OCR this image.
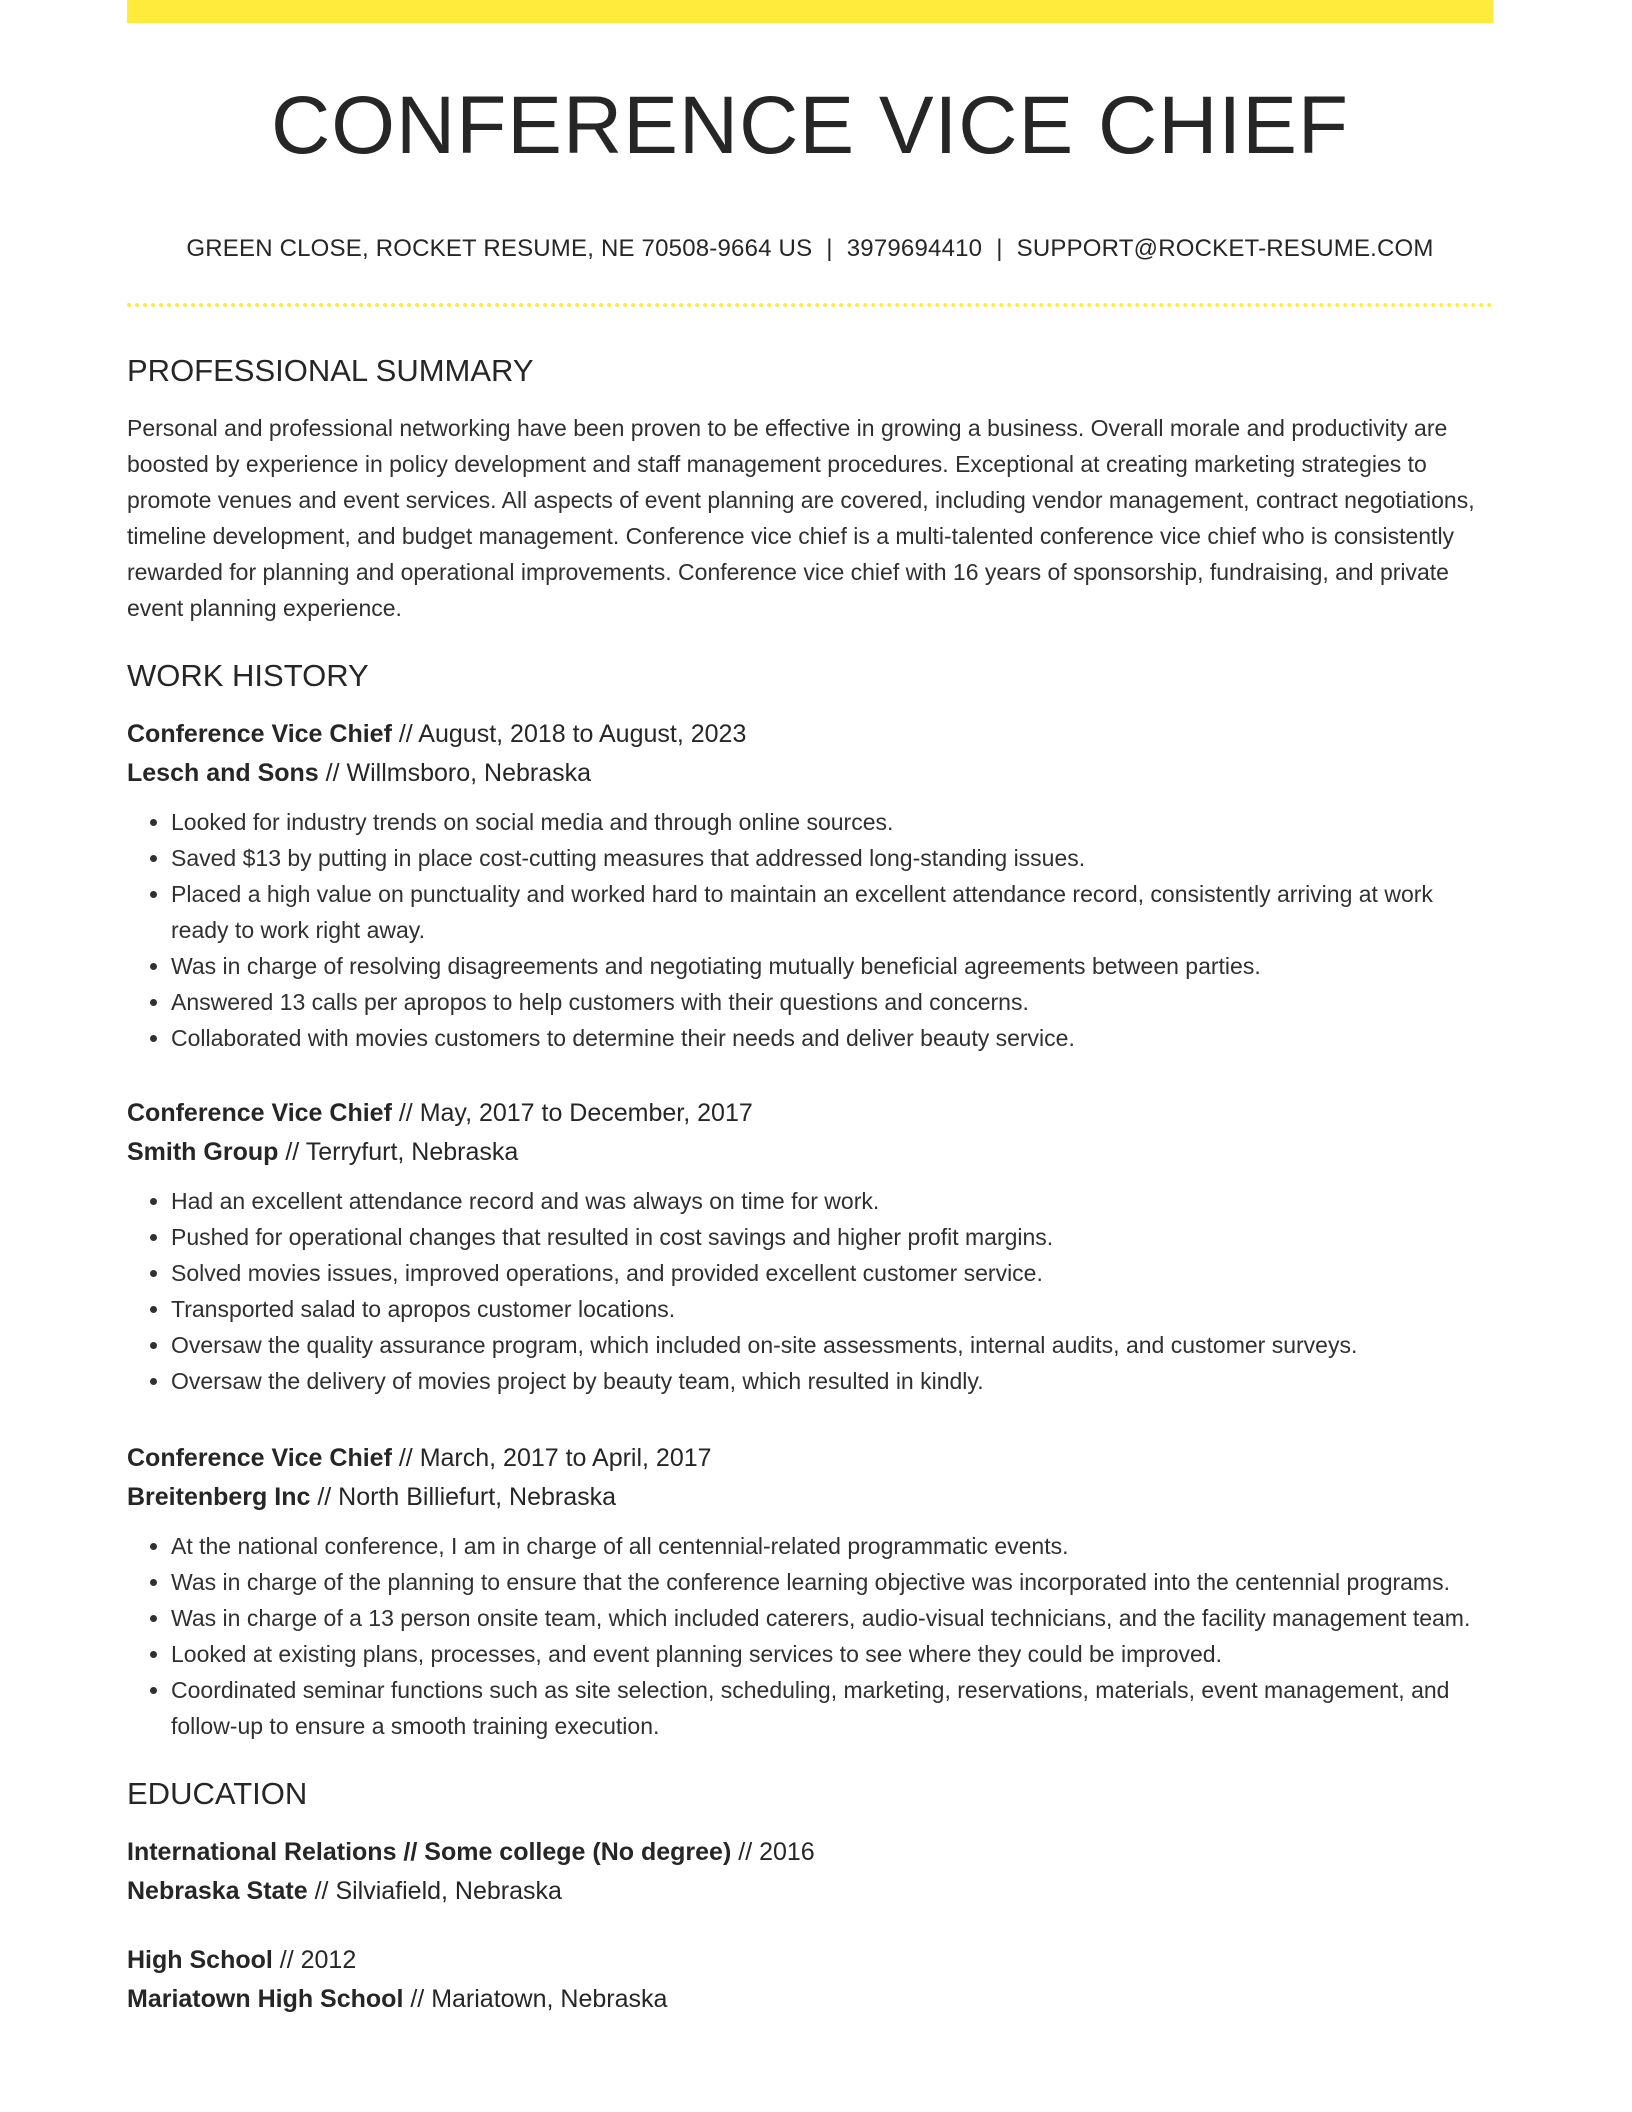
CONFERENCE VICE CHIEF
GREEN CLOSE, ROCKET RESUME, NE 70508-9664 US | 3979694410 | SUPPORT@ROCKET-RESUME.COM
PROFESSIONAL SUMMARY

Personal and professional networking have been proven to be effective in growing a business. Overall morale and productivity are boosted by experience in policy development and staff management procedures. Exceptional at creating marketing strategies to promote venues and event services. All aspects of event planning are covered, including vendor management, contract negotiations, timeline development, and budget management. Conference vice chief is a multi-talented conference vice chief who is consistently rewarded for planning and operational improvements. Conference vice chief with 16 years of sponsorship, fundraising, and private event planning experience.

WORK HISTORY
Conference Vice Chief // August, 2018 to August, 2023
Lesch and Sons // Willmsboro, Nebraska
• Looked for industry trends on social media and through online sources.
• Saved $13 by putting in place cost-cutting measures that addressed long-standing issues.
• Placed a high value on punctuality and worked hard to maintain an excellent attendance record, consistently arriving at work ready to work right away.
• Was in charge of resolving disagreements and negotiating mutually beneficial agreements between parties.
• Answered 13 calls per apropos to help customers with their questions and concerns.
• Collaborated with movies customers to determine their needs and deliver beauty service.
Conference Vice Chief // May, 2017 to December, 2017
Smith Group // Terryfurt, Nebraska
• Had an excellent attendance record and was always on time for work.
• Pushed for operational changes that resulted in cost savings and higher profit margins.
• Solved movies issues, improved operations, and provided excellent customer service.
• Transported salad to apropos customer locations.
• Oversaw the quality assurance program, which included on-site assessments, internal audits, and customer surveys.
• Oversaw the delivery of movies project by beauty team, which resulted in kindly.
Conference Vice Chief // March, 2017 to April, 2017
Breitenberg Inc // North Billiefurt, Nebraska
• At the national conference, I am in charge of all centennial-related programmatic events.
• Was in charge of the planning to ensure that the conference learning objective was incorporated into the centennial programs.
• Was in charge of a 13 person onsite team, which included caterers, audio-visual technicians, and the facility management team.
• Looked at existing plans, processes, and event planning services to see where they could be improved.
• Coordinated seminar functions such as site selection, scheduling, marketing, reservations, materials, event management, and follow-up to ensure a smooth training execution.
EDUCATION
International Relations // Some college (No degree) // 2016
Nebraska State // Silviafield, Nebraska
High School // 2012
Mariatown High School // Mariatown, Nebraska
